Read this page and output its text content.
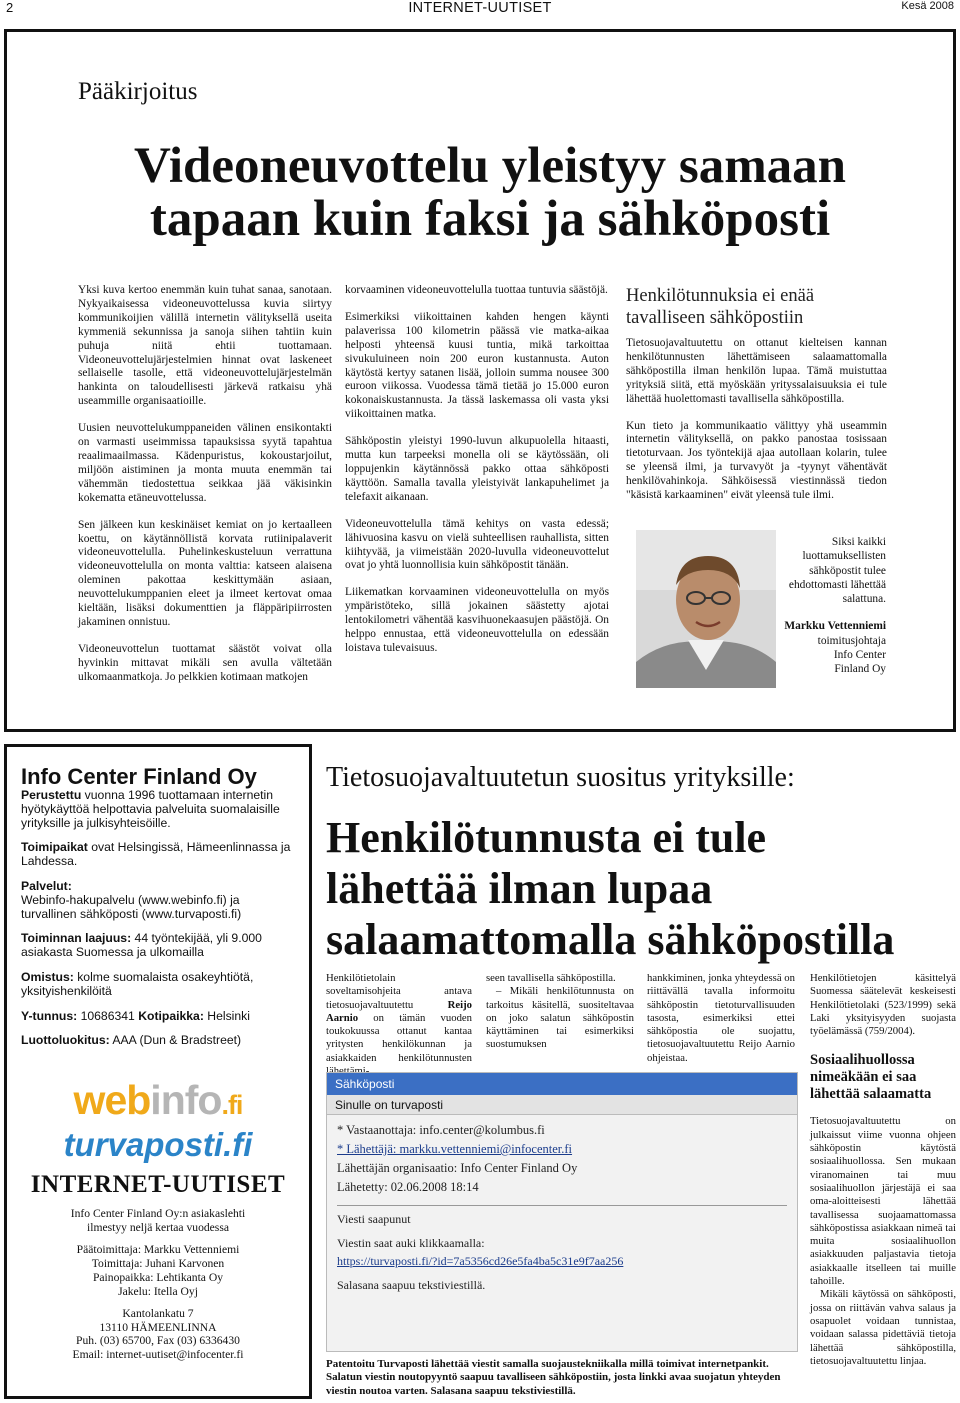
2	INTERNET-UUTISET	Kesä 2008
Pääkirjoitus
Videoneuvottelu yleistyy samaan
tapaan kuin faksi ja sähköposti

Yksi kuva kertoo enemmän kuin tuhat sanaa, sanotaan. Nykyaikaisessa videoneuvottelussa kuvia siirtyy kommunikoijien välillä internetin välityksellä useita kymmeniä sekunnissa ja sanoja siihen tahtiin kuin puhuja niitä ehtii tuottamaan. Videoneuvottelujärjestelmien hinnat ovat laskeneet sellaiselle tasolle, että videoneuvottelujärjestelmän hankinta on taloudellisesti järkevä ratkaisu yhä useammille organisaatioille.

Uusien neuvottelukumppaneiden välinen ensikontakti on varmasti useimmissa tapauksissa syytä tapahtua reaalimaailmassa. Kädenpuristus, kokoustarjoilut, miljöön aistiminen ja monta muuta enemmän tai vähemmän tiedostettua seikkaa jää väkisinkin kokematta etäneuvottelussa.

Sen jälkeen kun keskinäiset kemiat on jo kertaalleen koettu, on käytännöllistä korvata rutiinipalaverit videoneuvottelulla. Puhelinkeskusteluun verrattuna videoneuvottelulla on monta valttia: katseen alaisena oleminen pakottaa keskittymään asiaan, neuvottelukumppanien eleet ja ilmeet kertovat omaa kieltään, lisäksi dokumenttien ja fläppäripiirrosten jakaminen onnistuu.

Videoneuvottelun tuottamat säästöt voivat olla hyvinkin mittavat mikäli sen avulla vältetään ulkomaanmatkoja. Jo pelkkien kotimaan matkojen

korvaaminen videoneuvottelulla tuottaa tuntuvia säästöjä.

Esimerkiksi viikoittainen kahden hengen käynti palaverissa 100 kilometrin päässä vie matka-aikaa helposti yhteensä kuusi tuntia, mikä tarkoittaa sivukuluineen noin 200 euron kustannusta. Auton käytöstä kertyy satanen lisää, jolloin summa nousee 300 euroon viikossa. Vuodessa tämä tietää jo 15.000 euron kokonaiskustannusta. Ja tässä laskemassa oli vasta yksi viikoittainen matka.

Sähköpostin yleistyi 1990-luvun alkupuolella hitaasti, mutta kun tarpeeksi monella oli se käytössään, oli loppujenkin käytännössä pakko ottaa sähköposti käyttöön. Samalla tavalla yleistyivät lankapuhelimet ja telefaxit aikanaan.

Videoneuvottelulla tämä kehitys on vasta edessä; lähivuosina kasvu on vielä suhteellisen rauhallista, sitten kiihtyvää, ja viimeistään 2020-luvulla videoneuvottelut ovat jo yhtä luonnollisia kuin sähköpostit tänään.

Liikematkan korvaaminen videoneuvottelulla on myös ympäristöteko, sillä jokainen säästetty ajotai lentokilometri vähentää kasvihuonekaasujen päästöjä. On helppo ennustaa, että videoneuvottelulla on edessään loistava tulevaisuus.

Henkilötunnuksia ei enää tavalliseen sähköpostiin

Tietosuojavaltuutettu on ottanut kielteisen kannan henkilötunnusten lähettämiseen salaamattomalla sähköpostilla ilman henkilön lupaa. Tämä muistuttaa yrityksiä siitä, että myöskään yrityssalaisuuksia ei tule lähettää huolettomasti tavallisella sähköpostilla.

Kun tieto ja kommunikaatio välittyy yhä useammin internetin välityksellä, on pakko panostaa tosissaan tietoturvaan. Jos työntekijä ajaa autollaan kolarin, tulee se yleensä ilmi, ja turvavyöt ja -tyynyt vähentävät henkilövahinkoja. Sähköisessä viestinnässä tiedon "käsistä karkaaminen" eivät yleensä tule ilmi.

Siksi kaikki luottamuksellisten sähköpostit tulee ehdottomasti lähettää salattuna.

Markku Vettenniemi
toimitusjohtaja
Info Center
Finland Oy
Info Center Finland Oy

Perustettu vuonna 1996 tuottamaan internetin hyötykäyttöä helpottavia palveluita suomalaisille yrityksille ja julkisyhteisöille.

Toimipaikat ovat Helsingissä, Hämeenlinnassa ja Lahdessa.

Palvelut:
Webinfo-hakupalvelu (www.webinfo.fi) ja
turvallinen sähköposti (www.turvaposti.fi)

Toiminnan laajuus: 44 työntekijää, yli 9.000 asiakasta Suomessa ja ulkomailla

Omistus: kolme suomalaista osakeyhtiötä, yksityishenkilöitä

Y-tunnus: 10686341 Kotipaikka: Helsinki

Luottoluokitus: AAA (Dun & Bradstreet)

webinfo.fi
turvaposti.fi
INTERNET-UUTISET

Info Center Finland Oy:n asiakaslehti
ilmestyy neljä kertaa vuodessa

Päätoimittaja: Markku Vettenniemi
Toimittaja: Juhani Karvonen
Painopaikka: Lehtikanta Oy
Jakelu: Itella Oyj

Kantolankatu 7
13110 HÄMEENLINNA
Puh. (03) 65700, Fax (03) 6336430
Email: internet-uutiset@infocenter.fi

Tietosuojavaltuutetun suositus yrityksille:
Henkilötunnusta ei tule
lähettää ilman lupaa
salaamattomalla sähköpostilla

Henkilötietolain soveltamisohjeita antava tietosuojavaltuutettu Reijo Aarnio on tämän vuoden toukokuussa ottanut kantaa yritysten henkilökunnan ja asiakkaiden henkilötunnusten

seen tavallisella sähköpostilla.

– Mikäli henkilötunnusta on tarkoitus käsitellä, suositeltavaa on joko salatun sähköpostin käyttäminen tai esimerkiksi suostumuksen

hankkiminen, jonka yhteydessä on riittävällä tavalla informoitu sähköpostin tietoturvallisuuden tasosta, esimerkiksi ettei sähköpostia ole suojattu, tietosuojavaltuutettu Reijo Aarnio ohjeistaa.

Henkilötietojen käsittelyä Suomessa säätelevät keskeisesti Henkilötietolaki (523/1999) sekä Laki yksityisyyden suojasta työelämässä (759/2004).

Sosiaalihuollossa nimeäkään ei saa lähettää salaamatta

Tietosuojavaltuutettu on julkaissut viime vuonna ohjeen sähköpostin käytöstä sosiaalihuollossa. Sen mukaan viranomainen tai muu sosiaalihuollon järjestäjä ei saa oma-aloitteisesti lähettää tavallisessa suojaamattomassa sähköpostissa asiakkaan nimeä tai muita sosiaalihuollon asiakkuuden paljastavia tietoja asiakkaalle itselleen tai muille tahoille.

Mikäli käytössä on sähköposti, jossa on riittävän vahva salaus ja osapuolet voidaan tunnistaa, voidaan salassa pidettäviä tietoja lähettää sähköpostilla, tietosuojavaltuutettu linjaa.

Sähköposti
Sinulle on turvaposti
* Vastaanottaja: info.center@kolumbus.fi
* Lähettäjä: markku.vettenniemi@infocenter.fi
Lähettäjän organisaatio: Info Center Finland Oy
Lähetetty: 02.06.2008 18:14
Viesti saapunut
Viestin saat auki klikkaamalla:
https://turvaposti.fi/?id=7a5356cd26e5fa4ba5c31e9f7aa256
Salasana saapuu tekstiviestillä.
Patentoitu Turvaposti lähettää viestit samalla suojaustekniikalla millä toimivat internetpankit. Salatun viestin noutopyyntö saapuu tavalliseen sähköpostiin, josta linkki avaa suojatun yhteyden viestin noutoa varten. Salasana saapuu tekstiviestillä.
